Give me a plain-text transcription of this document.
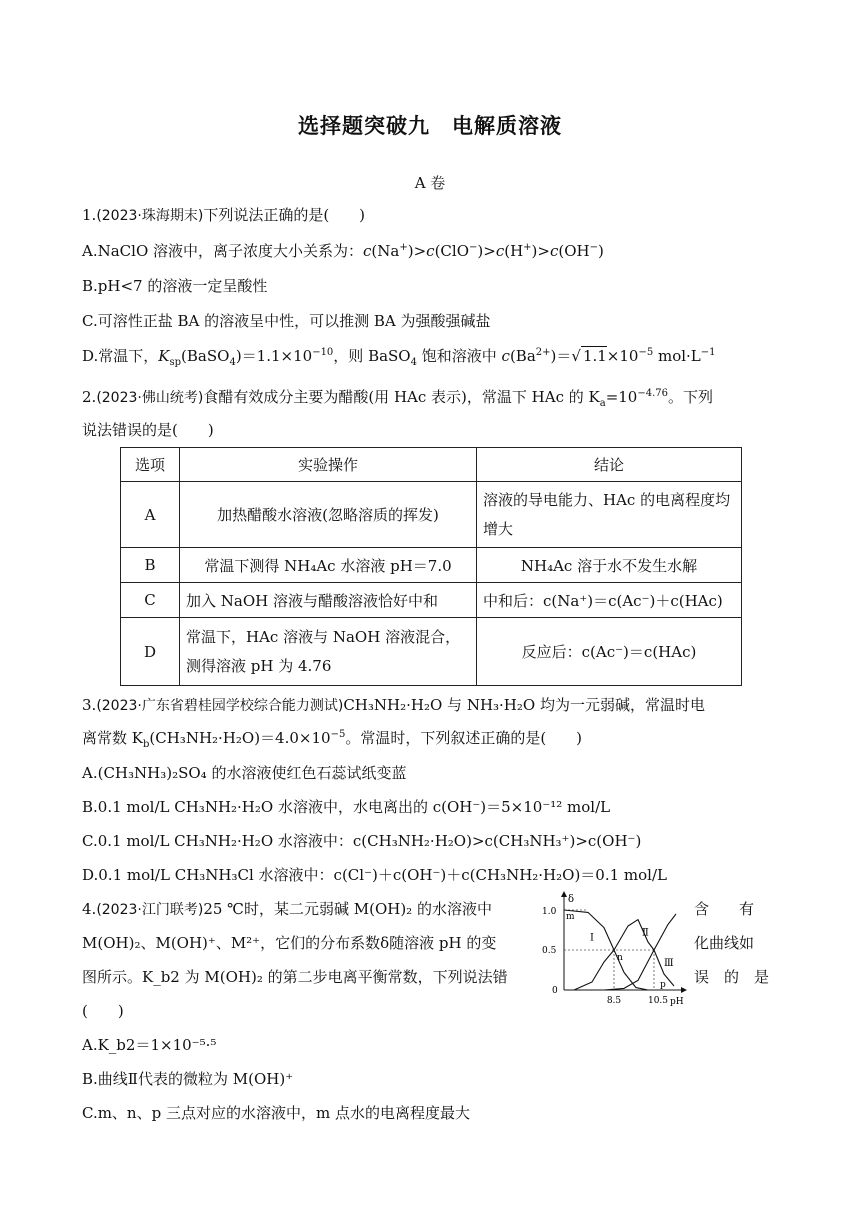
选择题突破九　电解质溶液
A 卷
1.(2023·珠海期末)下列说法正确的是(　　)
A.NaClO 溶液中，离子浓度大小关系为：c(Na+)>c(ClO−)>c(H+)>c(OH−)
B.pH<7 的溶液一定呈酸性
C.可溶性正盐 BA 的溶液呈中性，可以推测 BA 为强酸强碱盐
D.常温下，$K_{sp}(BaSO_4)=1.1\times 10^{-10}$，则 BaSO$_4$ 饱和溶液中 $c(Ba^{2+})=√$ $1.1\times 10^{-5}$ $mol\cdot L^{-1}$
2.(2023·佛山统考)食醋有效成分主要为醋酸(用 HAc 表示)，常温下 HAc 的 $K_a=10^{-4.76}$。下列
说法错误的是(　　)
选项	实验操作	结论
A	加热醋酸水溶液(忽略溶质的挥发)	溶液的导电能力、HAc 的电离程度均增大
B	常温下测得 NH₄Ac 水溶液 pH＝7.0	NH₄Ac 溶于水不发生水解
C	加入 NaOH 溶液与醋酸溶液恰好中和	中和后：c(Na⁺)＝c(Ac⁻)＋c(HAc)
D	常温下，HAc 溶液与 NaOH 溶液混合，测得溶液 pH 为 4.76	反应后：c(Ac⁻)＝c(HAc)
3.(2023·广东省碧桂园学校综合能力测试)CH₃NH₂·H₂O 与 NH₃·H₂O 均为一元弱碱，常温时电
离常数 $K_b(CH_3NH_2\cdot H_2O)=4.0\times 10^{-5}$。常温时，下列叙述正确的是(　　)
A.(CH₃NH₃)₂SO₄ 的水溶液使红色石蕊试纸变蓝
B.0.1 mol/L CH₃NH₂·H₂O 水溶液中，水电离出的 c(OH⁻)＝5×10⁻¹² mol/L
C.0.1 mol/L CH₃NH₂·H₂O 水溶液中：c(CH₃NH₂·H₂O)>c(CH₃NH₃⁺)>c(OH⁻)
D.0.1 mol/L CH₃NH₃Cl 水溶液中：c(Cl⁻)＋c(OH⁻)＋c(CH₃NH₂·H₂O)＝0.1 mol/L
4.(2023·江门联考)25 ℃时，某二元弱碱 M(OH)₂ 的水溶液中	含　　有
M(OH)₂、M(OH)⁺、M²⁺，它们的分布系数δ随溶液 pH 的变	化曲线如
图所示。K_b2 为 M(OH)₂ 的第二步电离平衡常数，下列说法错	误　的　是
(　　)
A.K_b2＝1×10⁻⁵·⁵
B.曲线Ⅱ代表的微粒为 M(OH)⁺
C.m、n、p 三点对应的水溶液中，m 点水的电离程度最大
δ
pH
1.0
0.5
0
Ⅰ	Ⅱ
Ⅲ
8.5	10.5
m
n
p
